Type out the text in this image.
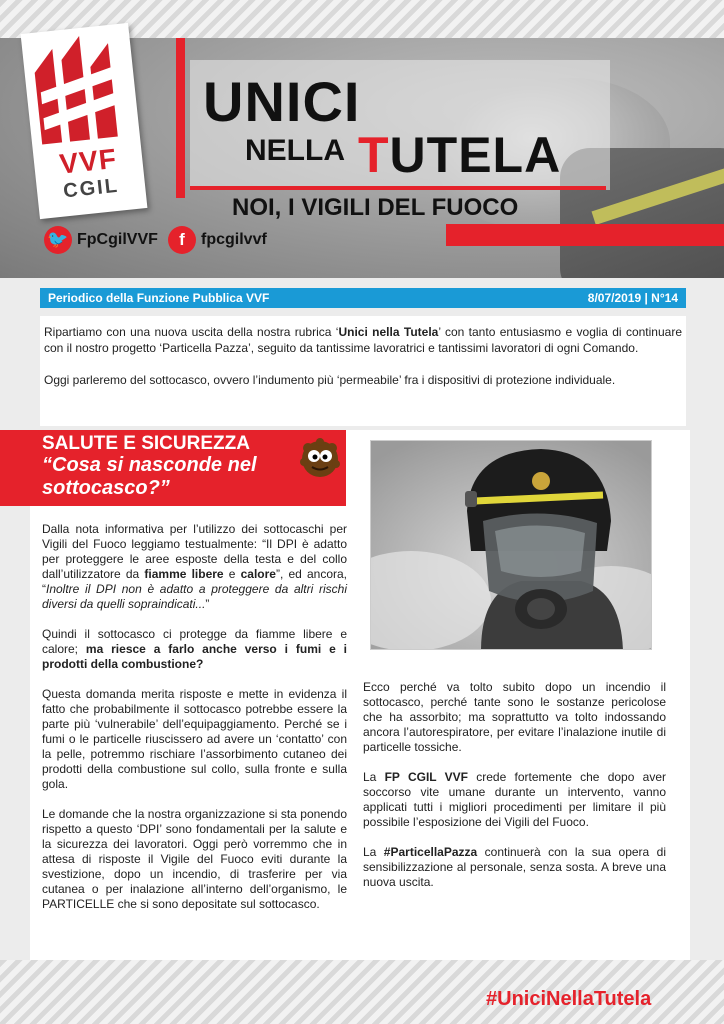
VVF
CGIL
UNICI
NELLA TUTELA
NOI, I VIGILI DEL FUOCO
🐦 FpCgilVVF	f	fpcgilvvf
Periodico della Funzione Pubblica VVF	8/07/2019 | N°14

Ripartiamo con una nuova uscita della nostra rubrica ‘Unici nella Tutela’ con tanto entusiasmo e voglia di continuare con il nostro progetto ‘Particella Pazza’, seguito da tantissime lavoratrici e tantissimi lavoratori di ogni Comando.

Oggi parleremo del sottocasco, ovvero l’indumento più ‘permeabile’ fra i dispositivi di protezione individuale.

SALUTE E SICUREZZA
“Cosa si nasconde nel sottocasco?”

Dalla nota informativa per l’utilizzo dei sottocaschi per Vigili del Fuoco leggiamo testualmente: “Il DPI è adatto per proteggere le aree esposte della testa e del collo dall’utilizzatore da fiamme libere e calore”, ed ancora, “Inoltre il DPI non è adatto a proteggere da altri rischi diversi da quelli sopraindicati...”

Quindi il sottocasco ci protegge da fiamme libere e calore; ma riesce a farlo anche verso i fumi e i prodotti della combustione?

Questa domanda merita risposte e mette in evidenza il fatto che probabilmente il sottocasco potrebbe essere la parte più ‘vulnerabile’ dell’equipaggiamento. Perché se i fumi o le particelle riuscissero ad avere un ‘contatto’ con la pelle, potremmo rischiare l’assorbimento cutaneo dei prodotti della combustione sul collo, sulla fronte e sulla gola.

Le domande che la nostra organizzazione si sta ponendo rispetto a questo ‘DPI’ sono fondamentali per la salute e la sicurezza dei lavoratori. Oggi però vorremmo che in attesa di risposte il Vigile del Fuoco eviti durante la svestizione, dopo un incendio, di trasferire per via cutanea o per inalazione all’interno dell’organismo, le PARTICELLE che si sono depositate sul sottocasco.

Ecco perché va tolto subito dopo un incendio il sottocasco, perché tante sono le sostanze pericolose che ha assorbito; ma soprattutto va tolto indossando ancora l’autorespiratore, per evitare l’inalazione inutile di particelle tossiche.

La FP CGIL VVF crede fortemente che dopo aver soccorso vite umane durante un intervento, vanno applicati tutti i migliori procedimenti per limitare il più possibile l’esposizione dei Vigili del Fuoco.

La #ParticellaPazza continuerà con la sua opera di sensibilizzazione al personale, senza sosta. A breve una nuova uscita.

#UniciNellaTutela
